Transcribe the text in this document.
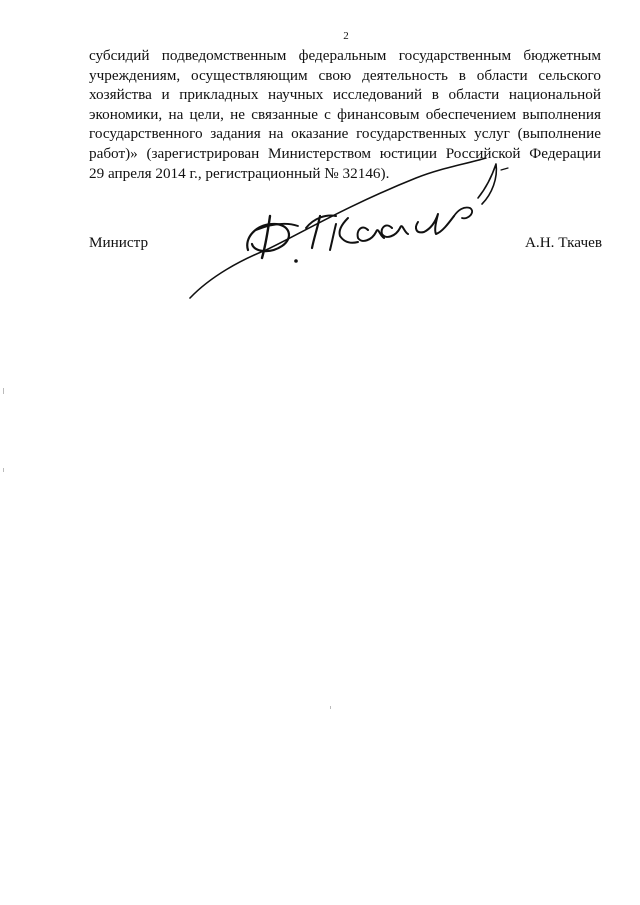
2
субсидий подведомственным федеральным государственным бюджетным
учреждениям, осуществляющим свою деятельность в области сельского
хозяйства и прикладных научных исследований в области национальной
экономики, на цели, не связанные с финансовым обеспечением выполнения
государственного задания на оказание государственных услуг (выполнение
работ)» (зарегистрирован Министерством юстиции Российской Федерации
29 апреля 2014 г., регистрационный № 32146).
Министр	А.Н. Ткачев
